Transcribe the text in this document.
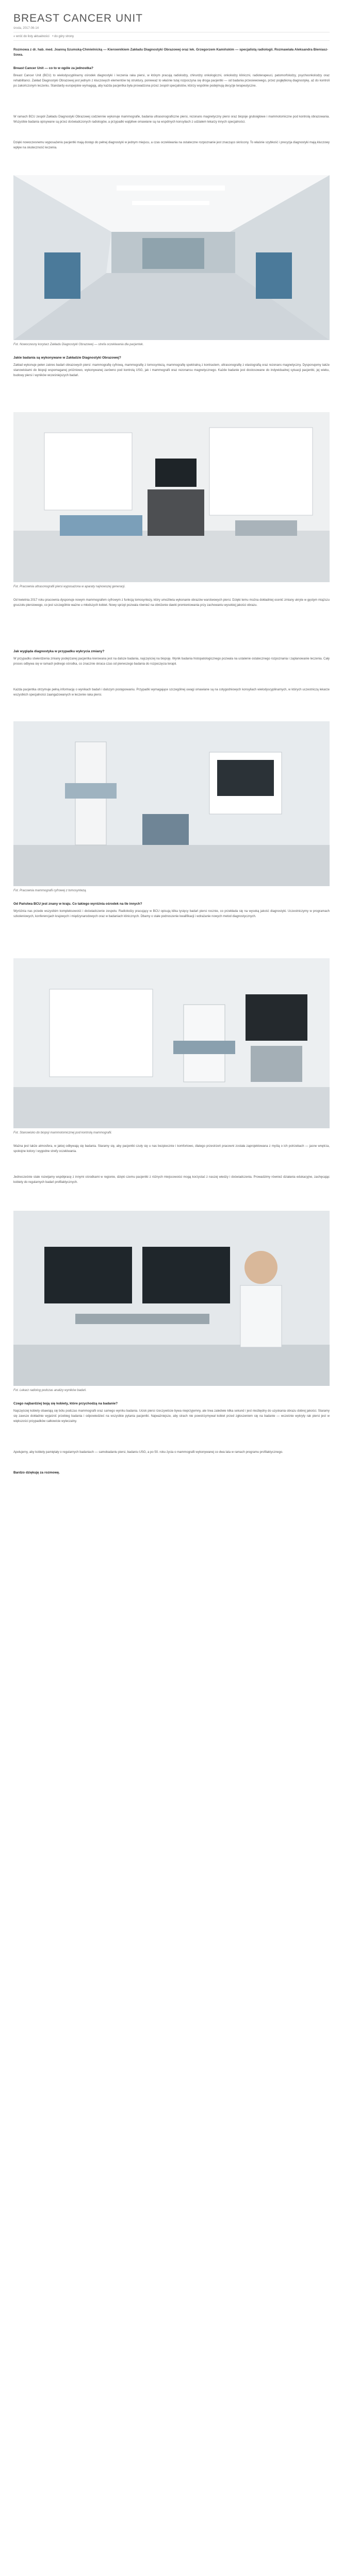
BREAST CANCER UNIT
środa, 2017-06-14
« wróć do listy aktualności • do góry strony
Rozmowa z dr. hab. med. Joanną Szumską-Chmielnicką — Kierownikiem Zakładu Diagnostyki Obrazowej oraz lek. Grzegorzem Kamińskim — specjalistą radiologii. Rozmawiała Aleksandra Bieniasz-Sowa.
Breast Cancer Unit — co to w ogóle za jednostka?
Breast Cancer Unit (BCU) to wielodyscyplinarny ośrodek diagnostyki i leczenia raka piersi, w którym pracują radiolodzy, chirurdzy onkologiczni, onkolodzy kliniczni, radioterapeuci, patomorfolodzy, psychoonkolodzy oraz rehabilitanci. Zakład Diagnostyki Obrazowej jest jednym z kluczowych elementów tej struktury, ponieważ to właśnie tutaj rozpoczyna się droga pacjentki — od badania przesiewowego, przez pogłębioną diagnostykę, aż do kontroli po zakończonym leczeniu. Standardy europejskie wymagają, aby każda pacjentka była prowadzona przez zespół specjalistów, którzy wspólnie podejmują decyzje terapeutyczne.
W ramach BCU zespół Zakładu Diagnostyki Obrazowej codziennie wykonuje mammografie, badania ultrasonograficzne piersi, rezonans magnetyczny piersi oraz biopsje gruboigłowe i mammotomiczne pod kontrolą obrazowania. Wszystkie badania opisywane są przez doświadczonych radiologów, a przypadki wątpliwe omawiane są na wspólnych konsyliach z udziałem lekarzy innych specjalności.
Dzięki nowoczesnemu wyposażeniu pacjentki mają dostęp do pełnej diagnostyki w jednym miejscu, a czas oczekiwania na ostateczne rozpoznanie jest znacząco skrócony. To właśnie szybkość i precyzja diagnostyki mają kluczowy wpływ na skuteczność leczenia.
Fot. Nowoczesny korytarz Zakładu Diagnostyki Obrazowej — strefa oczekiwania dla pacjentek.
Jakie badania są wykonywane w Zakładzie Diagnostyki Obrazowej?
Zakład wykonuje pełen zakres badań obrazowych piersi: mammografię cyfrową, mammografię z tomosyntezą, mammografię spektralną z kontrastem, ultrasonografię z elastografią oraz rezonans magnetyczny. Dysponujemy także stanowiskami do biopsji wspomaganej próżniowo, wykonywanej zarówno pod kontrolą USG, jak i mammografii oraz rezonansu magnetycznego. Każde badanie jest dostosowane do indywidualnej sytuacji pacjentki, jej wieku, budowy piersi i wyników wcześniejszych badań.
Fot. Pracownia ultrasonografii piersi wyposażona w aparaty najnowszej generacji.
Od kwietnia 2017 roku pracownia dysponuje nowym mammografem cyfrowym z funkcją tomosyntezy, który umożliwia wykonanie obrazów warstwowych piersi. Dzięki temu można dokładniej ocenić zmiany ukryte w gęstym miąższu gruczołu piersiowego, co jest szczególnie ważne u młodszych kobiet. Nowy sprzęt pozwala również na obniżenie dawki promieniowania przy zachowaniu wysokiej jakości obrazu.
Jak wygląda diagnostyka w przypadku wykrycia zmiany?
W przypadku stwierdzenia zmiany podejrzanej pacjentka kierowana jest na dalsze badania, najczęściej na biopsję. Wynik badania histopatologicznego pozwala na ustalenie ostatecznego rozpoznania i zaplanowanie leczenia. Cały proces odbywa się w ramach jednego ośrodka, co znacznie skraca czas od pierwszego badania do rozpoczęcia terapii.
Każda pacjentka otrzymuje pełną informację o wynikach badań i dalszym postępowaniu. Przypadki wymagające szczególnej uwagi omawiane są na cotygodniowych konsyliach wielodyscyplinarnych, w których uczestniczą lekarze wszystkich specjalności zaangażowanych w leczenie raka piersi.
Fot. Pracownia mammografii cyfrowej z tomosyntezą.
Od Państwa BCU jest znany w kraju. Co takiego wyróżnia ośrodek na tle innych?
Wyróżnia nas przede wszystkim kompleksowość i doświadczenie zespołu. Radiolodzy pracujący w BCU opisują kilka tysięcy badań piersi rocznie, co przekłada się na wysoką jakość diagnostyki. Uczestniczymy w programach szkoleniowych, konferencjach krajowych i międzynarodowych oraz w badaniach klinicznych. Dbamy o stałe podnoszenie kwalifikacji i wdrażanie nowych metod diagnostycznych.
Fot. Stanowisko do biopsji mammotomicznej pod kontrolą mammografii.
Ważna jest także atmosfera, w jakiej odbywają się badania. Staramy się, aby pacjentki czuły się u nas bezpiecznie i komfortowo, dlatego przestrzeń pracowni została zaprojektowana z myślą o ich potrzebach — jasne wnętrza, spokojne kolory i wygodne strefy oczekiwania.
Jednocześnie stale rozwijamy współpracę z innymi ośrodkami w regionie, dzięki czemu pacjentki z różnych miejscowości mogą korzystać z naszej wiedzy i doświadczenia. Prowadzimy również działania edukacyjne, zachęcając kobiety do regularnych badań profilaktycznych.
Fot. Lekarz radiolog podczas analizy wyników badań.
Czego najbardziej boją się kobiety, które przychodzą na badanie?
Najczęściej kobiety obawiają się bólu podczas mammografii oraz samego wyniku badania. Ucisk piersi rzeczywiście bywa nieprzyjemny, ale trwa zaledwie kilka sekund i jest niezbędny do uzyskania obrazu dobrej jakości. Staramy się zawsze dokładnie wyjaśnić przebieg badania i odpowiedzieć na wszystkie pytania pacjentki. Najważniejsze, aby strach nie powstrzymywał kobiet przed zgłoszeniem się na badanie — wcześnie wykryty rak piersi jest w większości przypadków całkowicie wyleczalny.
Apelujemy, aby kobiety pamiętały o regularnych badaniach — samobadaniu piersi, badaniu USG, a po 50. roku życia o mammografii wykonywanej co dwa lata w ramach programu profilaktycznego.
Bardzo dziękuję za rozmowę.
